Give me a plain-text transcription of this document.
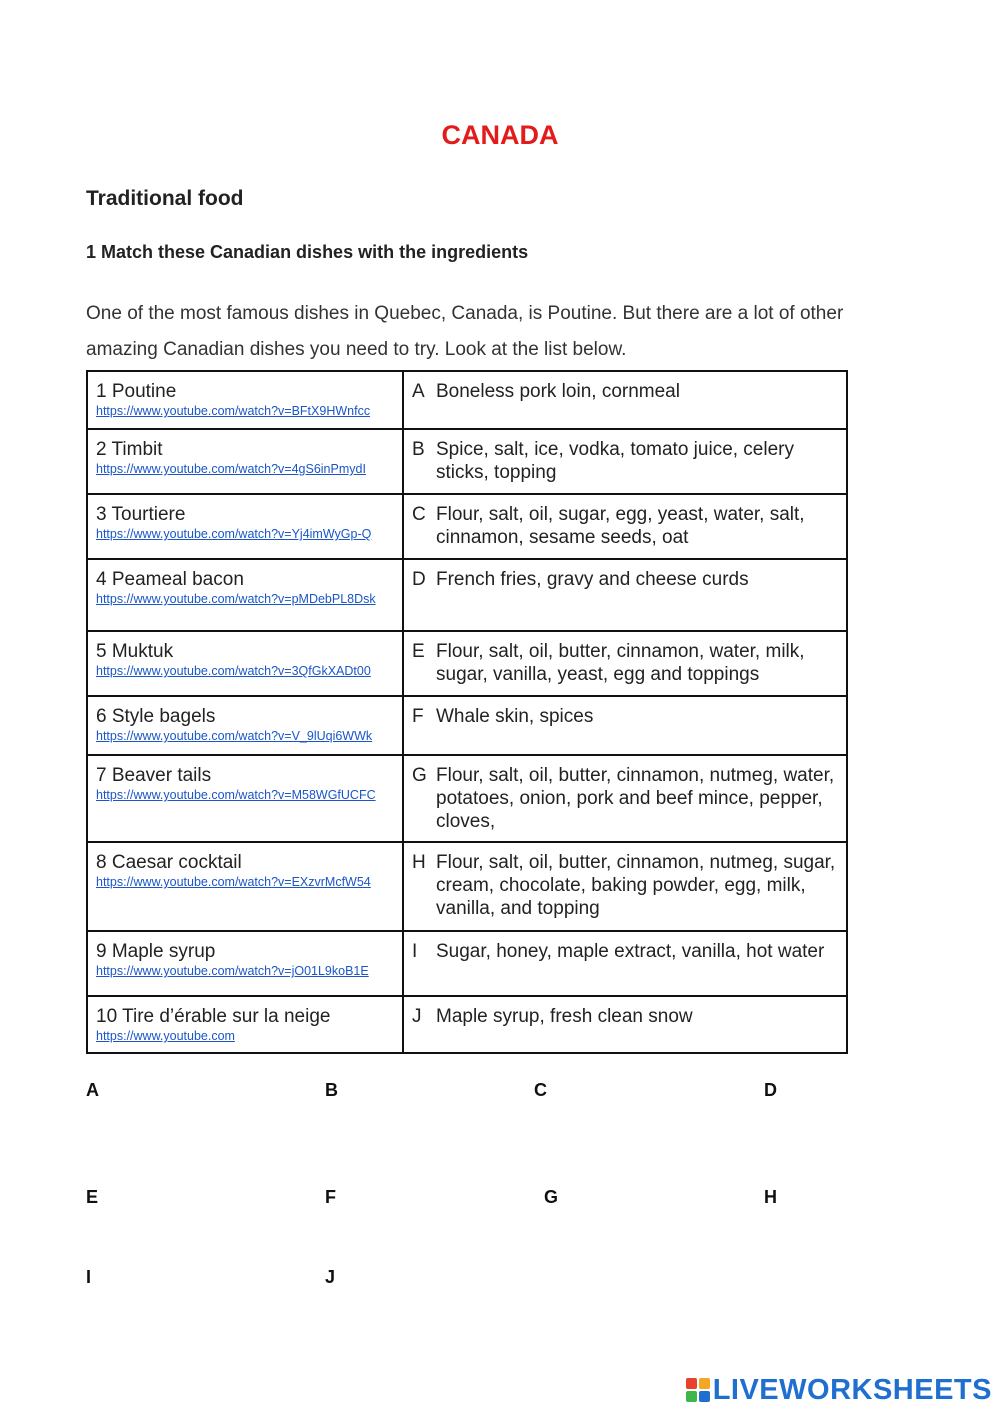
CANADA
Traditional food
1 Match these Canadian dishes with the ingredients

One of the most famous dishes in Quebec, Canada, is Poutine. But there are a lot of other amazing Canadian dishes you need to try. Look at the list below.

1 Poutine
https://www.youtube.com/watch?v=BFtX9HWnfcc	A Boneless pork loin, cornmeal

2 Timbit
https://www.youtube.com/watch?v=4gS6inPmydI	B Spice, salt, ice, vodka, tomato juice, celery sticks, topping

3 Tourtiere
https://www.youtube.com/watch?v=Yj4imWyGp-Q	C Flour, salt, oil, sugar, egg, yeast, water, salt, cinnamon, sesame seeds, oat

4 Peameal bacon
https://www.youtube.com/watch?v=pMDebPL8Dsk	D French fries, gravy and cheese curds

5 Muktuk
https://www.youtube.com/watch?v=3QfGkXADt00	E Flour, salt, oil, butter, cinnamon, water, milk, sugar, vanilla, yeast, egg and toppings

6 Style bagels
https://www.youtube.com/watch?v=V_9lUqi6WWk	F Whale skin, spices

7 Beaver tails
https://www.youtube.com/watch?v=M58WGfUCFC	G Flour, salt, oil, butter, cinnamon, nutmeg, water, potatoes, onion, pork and beef mince, pepper, cloves,

8 Caesar cocktail
https://www.youtube.com/watch?v=EXzvrMcfW54	H Flour, salt, oil, butter, cinnamon, nutmeg, sugar, cream, chocolate, baking powder, egg, milk, vanilla, and topping

9 Maple syrup
https://www.youtube.com/watch?v=jO01L9koB1E	I Sugar, honey, maple extract, vanilla, hot water

10 Tire d’érable sur la neige
https://www.youtube.com	J Maple syrup, fresh clean snow
A	B	C	D
E	F	G	H
I	J
LIVEWORKSHEETS
